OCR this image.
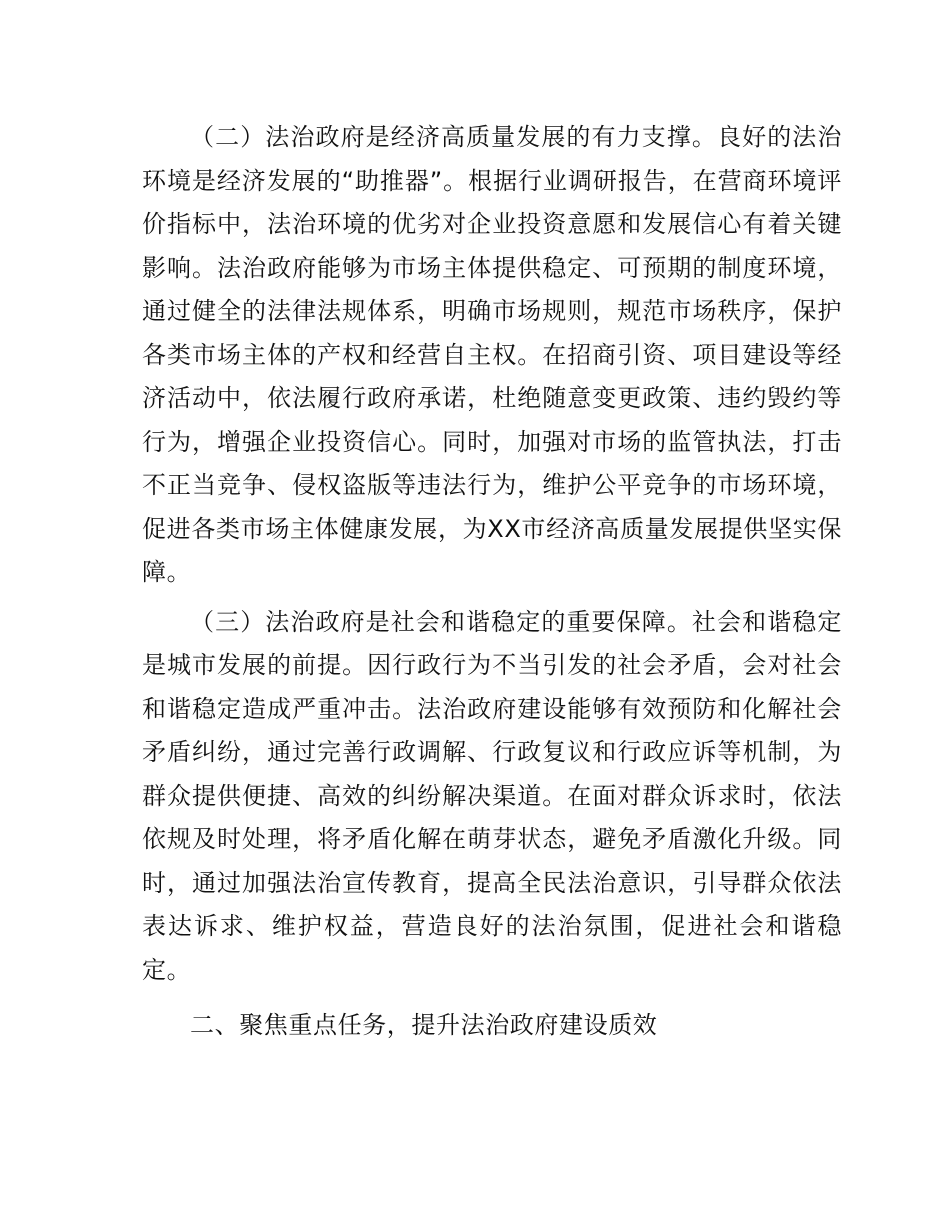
（二）法治政府是经济高质量发展的有力支撑。良好的法治环境是经济发展的“助推器”。根据行业调研报告，在营商环境评价指标中，法治环境的优劣对企业投资意愿和发展信心有着关键影响。法治政府能够为市场主体提供稳定、可预期的制度环境，通过健全的法律法规体系，明确市场规则，规范市场秩序，保护各类市场主体的产权和经营自主权。在招商引资、项目建设等经济活动中，依法履行政府承诺，杜绝随意变更政策、违约毁约等行为，增强企业投资信心。同时，加强对市场的监管执法，打击不正当竞争、侵权盗版等违法行为，维护公平竞争的市场环境，促进各类市场主体健康发展，为XX市经济高质量发展提供坚实保障。

（三）法治政府是社会和谐稳定的重要保障。社会和谐稳定是城市发展的前提。因行政行为不当引发的社会矛盾，会对社会和谐稳定造成严重冲击。法治政府建设能够有效预防和化解社会矛盾纠纷，通过完善行政调解、行政复议和行政应诉等机制，为群众提供便捷、高效的纠纷解决渠道。在面对群众诉求时，依法依规及时处理，将矛盾化解在萌芽状态，避免矛盾激化升级。同时，通过加强法治宣传教育，提高全民法治意识，引导群众依法表达诉求、维护权益，营造良好的法治氛围，促进社会和谐稳定。

二、聚焦重点任务，提升法治政府建设质效
